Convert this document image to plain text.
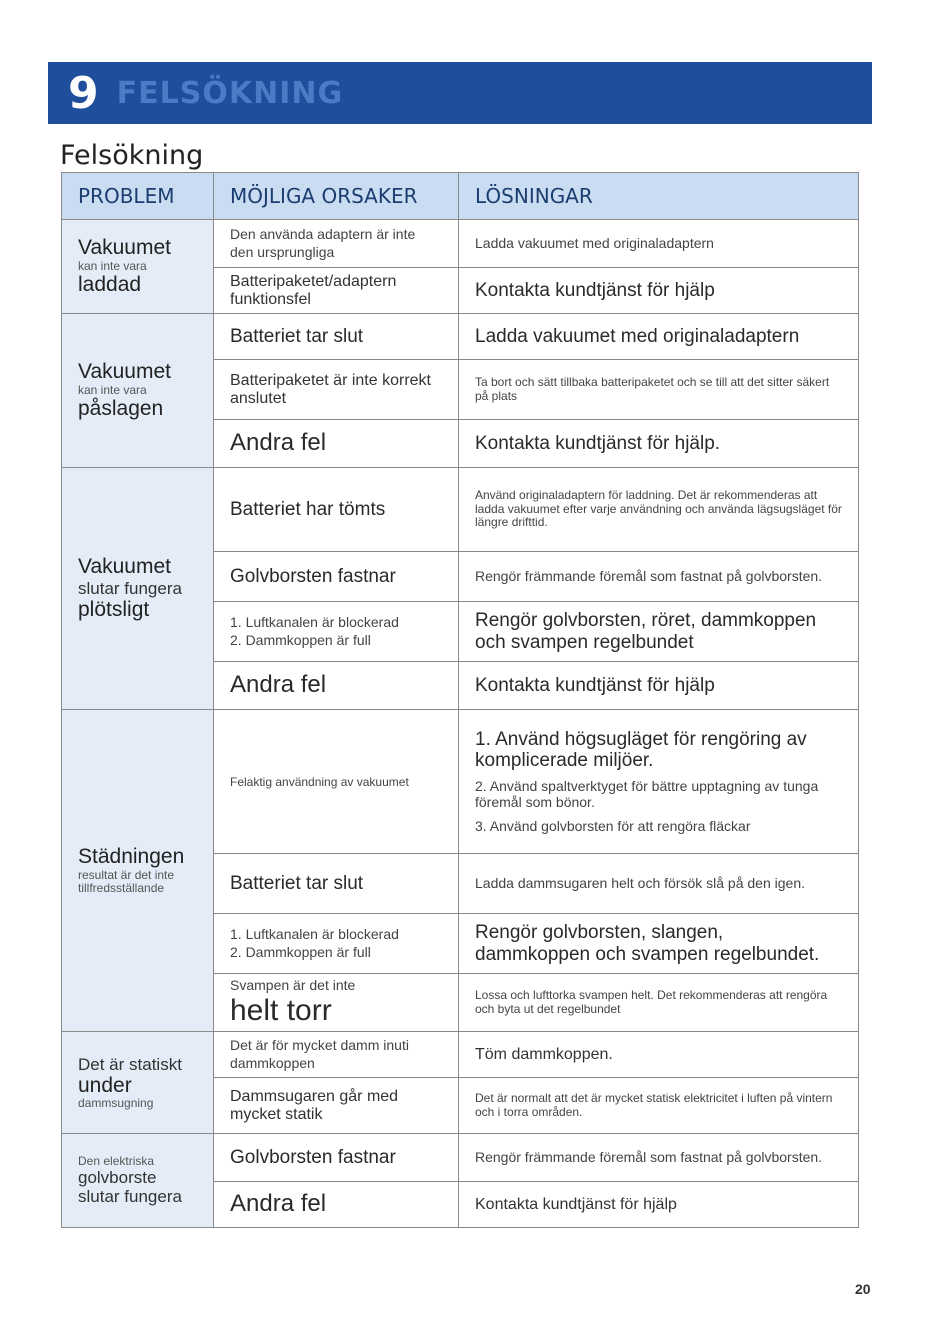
9 FELSÖKNING
Felsökning
PROBLEM	MÖJLIGA ORSAKER	LÖSNINGAR

Vakuumet
kan inte vara
laddad	Den använda adaptern är inte den ursprungliga	Ladda vakuumet med originaladaptern

	Batteripaketet/adaptern funktionsfel	Kontakta kundtjänst för hjälp

Vakuumet
kan inte vara
påslagen	Batteriet tar slut	Ladda vakuumet med originaladaptern

	Batteripaketet är inte korrekt anslutet	Ta bort och sätt tillbaka batteripaketet och se till att det sitter säkert på plats

	Andra fel	Kontakta kundtjänst för hjälp.

Vakuumet
slutar fungera
plötsligt	Batteriet har tömts	Använd originaladaptern för laddning. Det är rekommenderas att ladda vakuumet efter varje användning och använda lägsugsläget för längre drifttid.

	Golvborsten fastnar	Rengör främmande föremål som fastnat på golvborsten.

	1. Luftkanalen är blockerad
2. Dammkoppen är full	Rengör golvborsten, röret, dammkoppen och svampen regelbundet

	Andra fel	Kontakta kundtjänst för hjälp

Städningen
resultat är det inte
tillfredsställande	Felaktig användning av vakuumet	1. Använd högsugläget för rengöring av komplicerade miljöer.
2. Använd spaltverktyget för bättre upptagning av tunga föremål som bönor.
3. Använd golvborsten för att rengöra fläckar

	Batteriet tar slut	Ladda dammsugaren helt och försök slå på den igen.

	1. Luftkanalen är blockerad
2. Dammkoppen är full	Rengör golvborsten, slangen, dammkoppen och svampen regelbundet.

	Svampen är det inte
helt torr	Lossa och lufttorka svampen helt. Det rekommenderas att rengöra och byta ut det regelbundet

Det är statiskt
under
dammsugning	Det är för mycket damm inuti dammkoppen	Töm dammkoppen.

	Dammsugaren går med mycket statik	Det är normalt att det är mycket statisk elektricitet i luften på vintern och i torra områden.

Den elektriska
golvborste
slutar fungera	Golvborsten fastnar	Rengör främmande föremål som fastnat på golvborsten.

	Andra fel	Kontakta kundtjänst för hjälp
20
